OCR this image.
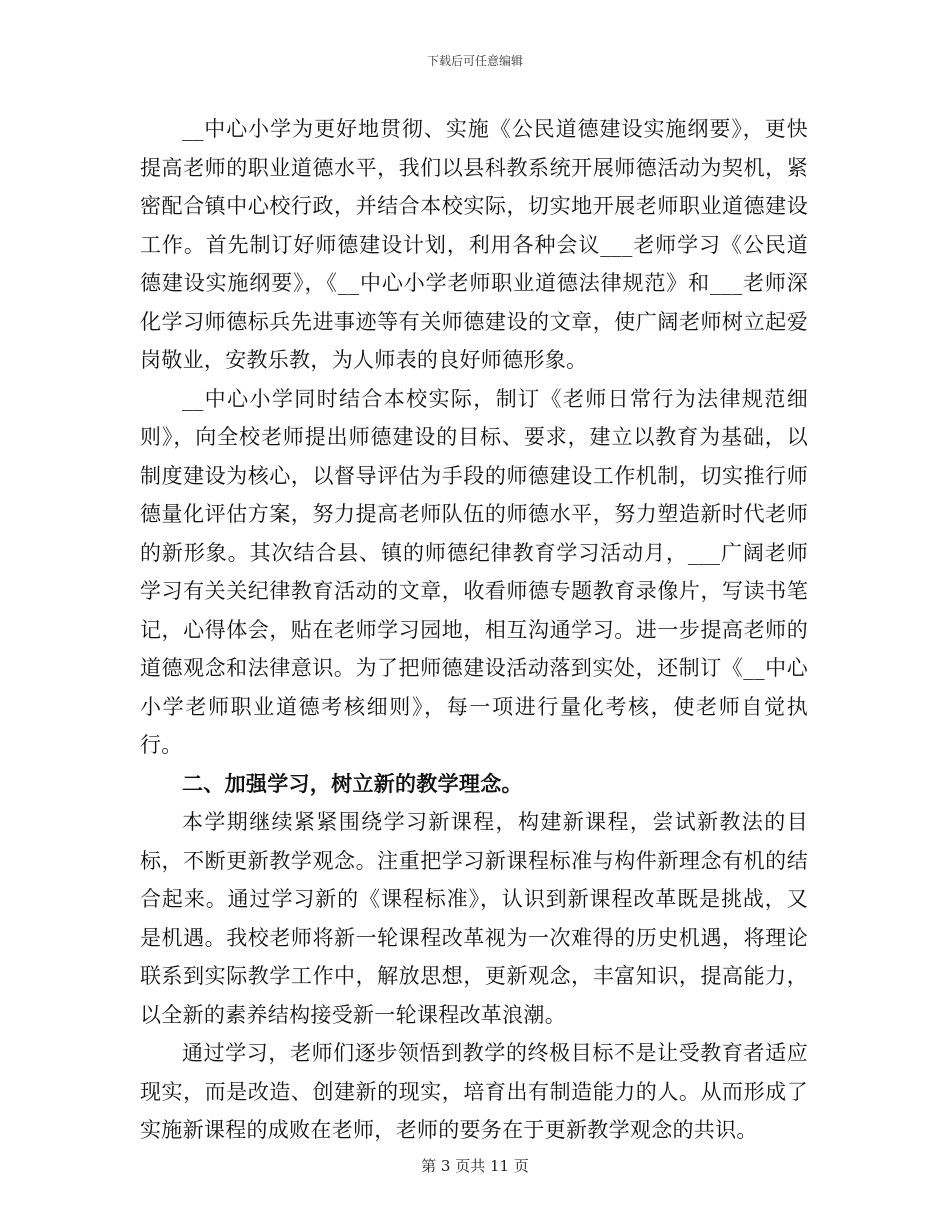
下载后可任意编辑

__中心小学为更好地贯彻、实施《公民道德建设实施纲要》，更快提高老师的职业道德水平，我们以县科教系统开展师德活动为契机，紧密配合镇中心校行政，并结合本校实际，切实地开展老师职业道德建设工作。首先制订好师德建设计划，利用各种会议___老师学习《公民道德建设实施纲要》，《__中心小学老师职业道德法律规范》和___老师深化学习师德标兵先进事迹等有关师德建设的文章，使广阔老师树立起爱岗敬业，安教乐教，为人师表的良好师德形象。

__中心小学同时结合本校实际，制订《老师日常行为法律规范细则》，向全校老师提出师德建设的目标、要求，建立以教育为基础，以制度建设为核心，以督导评估为手段的师德建设工作机制，切实推行师德量化评估方案，努力提高老师队伍的师德水平，努力塑造新时代老师的新形象。其次结合县、镇的师德纪律教育学习活动月，___广阔老师学习有关关纪律教育活动的文章，收看师德专题教育录像片，写读书笔记，心得体会，贴在老师学习园地，相互沟通学习。进一步提高老师的道德观念和法律意识。为了把师德建设活动落到实处，还制订《__中心小学老师职业道德考核细则》，每一项进行量化考核，使老师自觉执行。

二、加强学习，树立新的教学理念。

本学期继续紧紧围绕学习新课程，构建新课程，尝试新教法的目标，不断更新教学观念。注重把学习新课程标准与构件新理念有机的结合起来。通过学习新的《课程标准》，认识到新课程改革既是挑战，又是机遇。我校老师将新一轮课程改革视为一次难得的历史机遇，将理论联系到实际教学工作中，解放思想，更新观念，丰富知识，提高能力，以全新的素养结构接受新一轮课程改革浪潮。

通过学习，老师们逐步领悟到教学的终极目标不是让受教育者适应现实，而是改造、创建新的现实，培育出有制造能力的人。从而形成了实施新课程的成败在老师，老师的要务在于更新教学观念的共识。

第 3 页共 11 页
